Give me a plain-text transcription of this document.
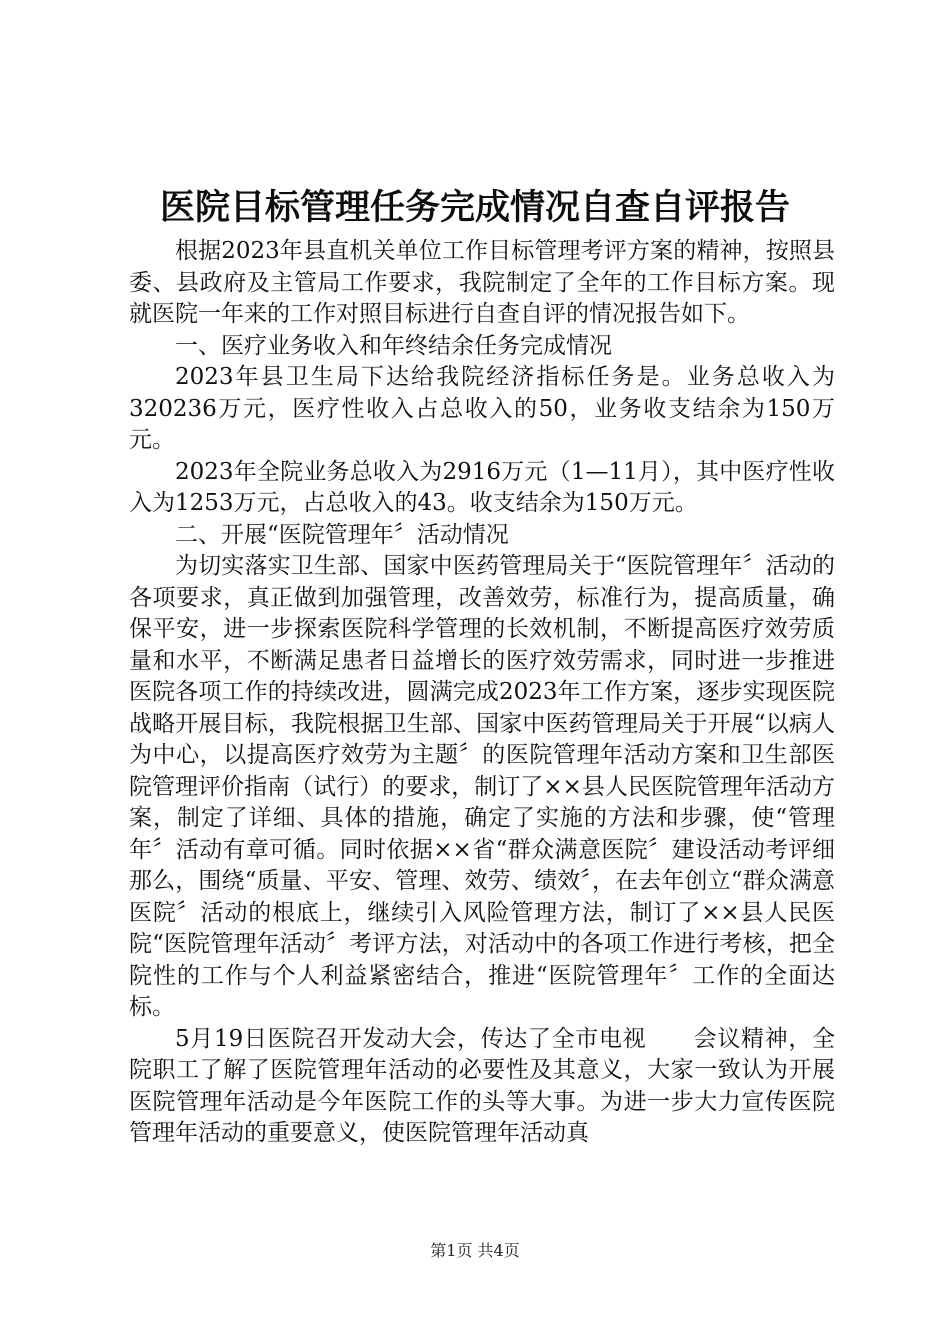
医院目标管理任务完成情况自查自评报告

根据2023年县直机关单位工作目标管理考评方案的精神，按照县委、县政府及主管局工作要求，我院制定了全年的工作目标方案。现就医院一年来的工作对照目标进行自查自评的情况报告如下。

一、医疗业务收入和年终结余任务完成情况

2023年县卫生局下达给我院经济指标任务是。业务总收入为320236万元，医疗性收入占总收入的50，业务收支结余为150万元。

2023年全院业务总收入为2916万元（1—11月），其中医疗性收入为1253万元，占总收入的43。收支结余为150万元。

二、开展“医院管理年〞活动情况

为切实落实卫生部、国家中医药管理局关于“医院管理年〞活动的各项要求，真正做到加强管理，改善效劳，标准行为，提高质量，确保平安，进一步探索医院科学管理的长效机制，不断提高医疗效劳质量和水平，不断满足患者日益增长的医疗效劳需求，同时进一步推进医院各项工作的持续改进，圆满完成2023年工作方案，逐步实现医院战略开展目标，我院根据卫生部、国家中医药管理局关于开展“以病人为中心，以提高医疗效劳为主题〞的医院管理年活动方案和卫生部医院管理评价指南（试行）的要求，制订了××县人民医院管理年活动方案，制定了详细、具体的措施，确定了实施的方法和步骤，使“管理年〞活动有章可循。同时依据××省“群众满意医院〞建设活动考评细那么，围绕“质量、平安、管理、效劳、绩效〞，在去年创立“群众满意医院〞活动的根底上，继续引入风险管理方法，制订了××县人民医院“医院管理年活动〞考评方法，对活动中的各项工作进行考核，把全院性的工作与个人利益紧密结合，推进“医院管理年〞工作的全面达标。

5月19日医院召开发动大会，传达了全市电视　　会议精神，全院职工了解了医院管理年活动的必要性及其意义，大家一致认为开展医院管理年活动是今年医院工作的头等大事。为进一步大力宣传医院管理年活动的重要意义，使医院管理年活动真

第1页 共4页
